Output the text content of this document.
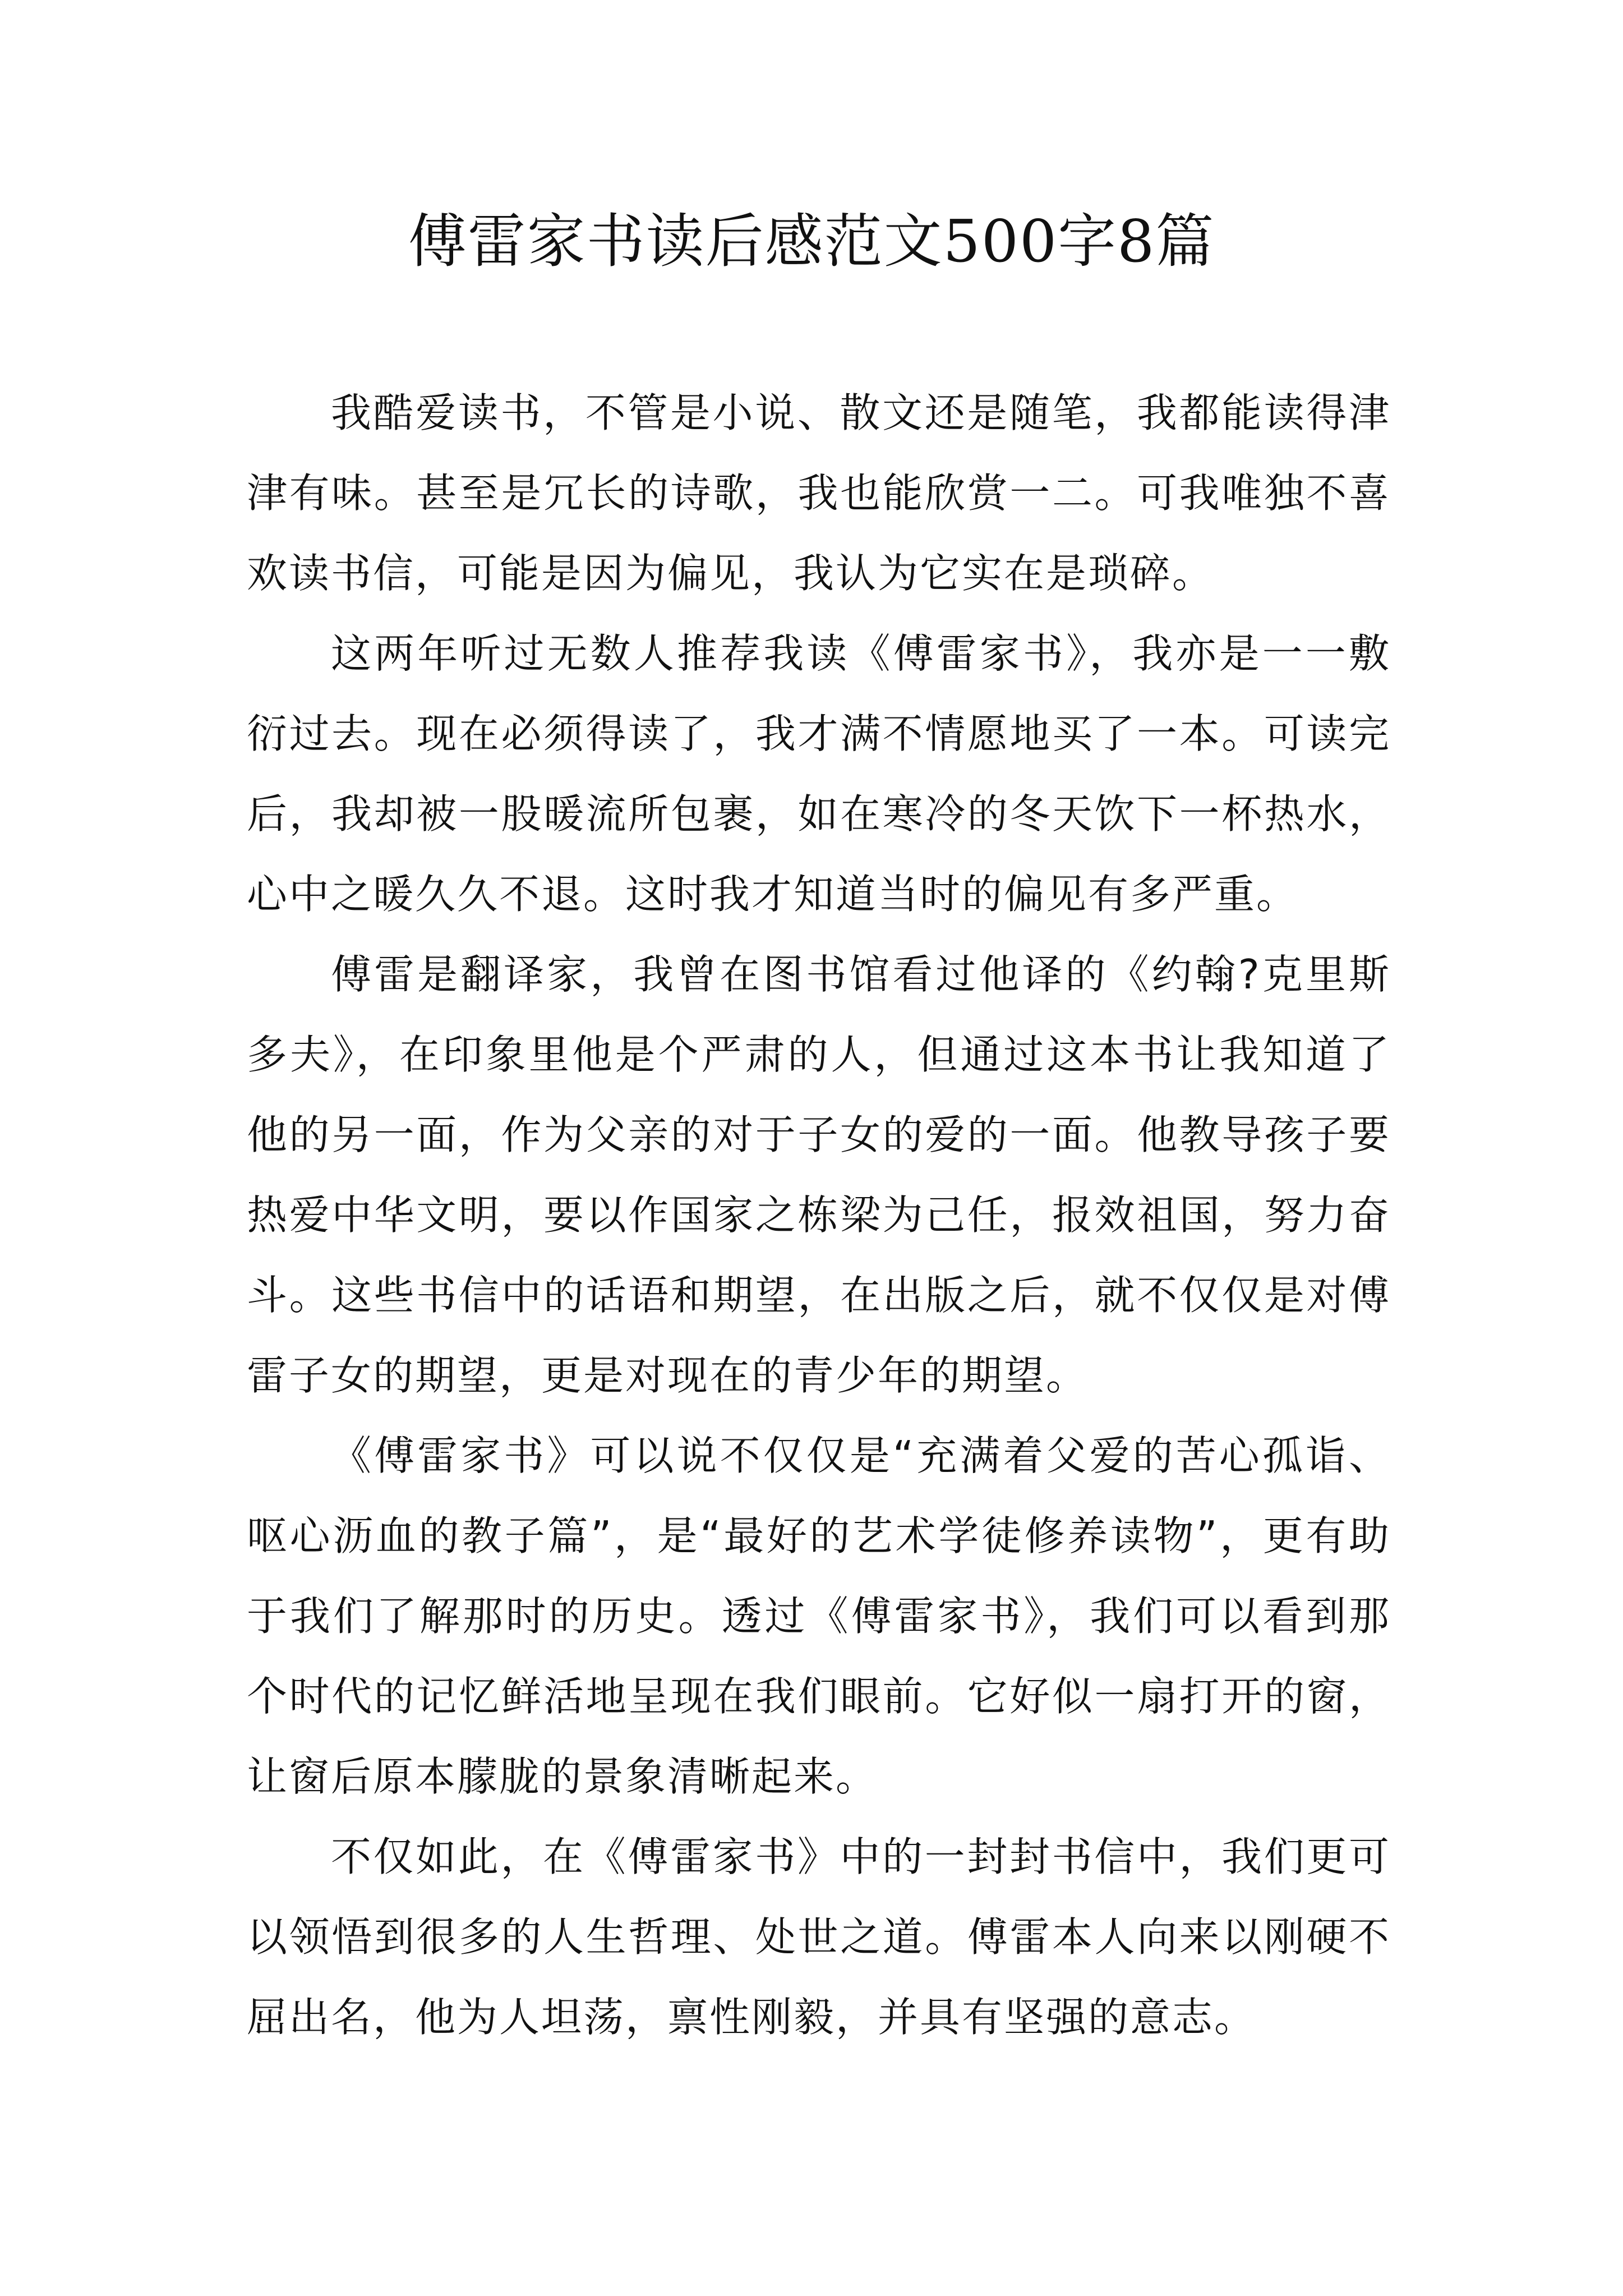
傅雷家书读后感范文500字8篇

我酷爱读书，不管是小说、散文还是随笔，我都能读得津津有味。甚至是冗长的诗歌，我也能欣赏一二。可我唯独不喜欢读书信，可能是因为偏见，我认为它实在是琐碎。

这两年听过无数人推荐我读《傅雷家书》，我亦是一一敷衍过去。现在必须得读了，我才满不情愿地买了一本。可读完后，我却被一股暖流所包裹，如在寒冷的冬天饮下一杯热水，心中之暖久久不退。这时我才知道当时的偏见有多严重。

傅雷是翻译家，我曾在图书馆看过他译的《约翰?克里斯多夫》，在印象里他是个严肃的人，但通过这本书让我知道了他的另一面，作为父亲的对于子女的爱的一面。他教导孩子要热爱中华文明，要以作国家之栋梁为己任，报效祖国，努力奋斗。这些书信中的话语和期望，在出版之后，就不仅仅是对傅雷子女的期望，更是对现在的青少年的期望。

《傅雷家书》可以说不仅仅是“充满着父爱的苦心孤诣、呕心沥血的教子篇”，是“最好的艺术学徒修养读物”，更有助于我们了解那时的历史。透过《傅雷家书》，我们可以看到那个时代的记忆鲜活地呈现在我们眼前。它好似一扇打开的窗，让窗后原本朦胧的景象清晰起来。

不仅如此，在《傅雷家书》中的一封封书信中，我们更可以领悟到很多的人生哲理、处世之道。傅雷本人向来以刚硬不屈出名，他为人坦荡，禀性刚毅，并具有坚强的意志。
